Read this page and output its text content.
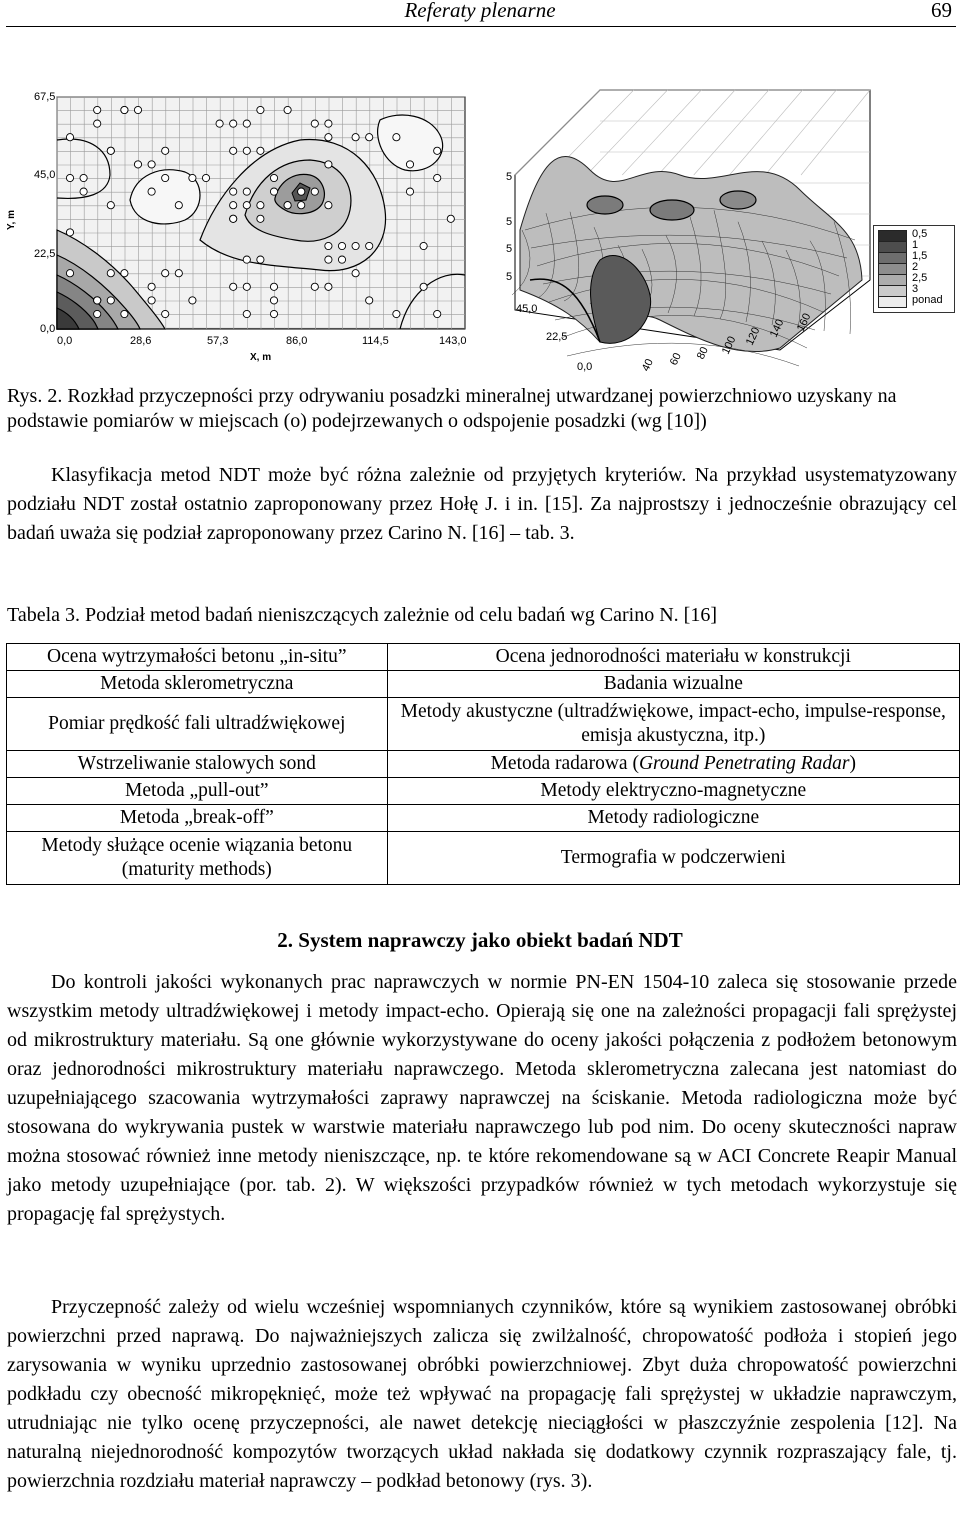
Referaty plenarne	69
67,5
45,0
22,5
0,0
Y, m
0,0	28,6	57,3	86,0	114,5	143,0
X, m
5
5
5
5
45,0
22,5
0,0	40 60 80 100 120 140 160
0,5
1
1,5
2
2,5
3
ponad
Rys. 2. Rozkład przyczepności przy odrywaniu posadzki mineralnej utwardzanej powierzchniowo uzyskany na podstawie pomiarów w miejscach (o) podejrzewanych o odspojenie posadzki (wg [10])
Klasyfikacja metod NDT może być różna zależnie od przyjętych kryteriów. Na przykład usystematyzowany podziału NDT został ostatnio zaproponowany przez Hołę J. i in. [15]. Za najprostszy i jednocześnie obrazujący cel badań uważa się podział zaproponowany przez Carino N. [16] – tab. 3.
Tabela 3. Podział metod badań nieniszczących zależnie od celu badań wg Carino N. [16]
Ocena wytrzymałości betonu „in-situ”	Ocena jednorodności materiału w konstrukcji
Metoda sklerometryczna	Badania wizualne
Pomiar prędkość fali ultradźwiękowej	Metody akustyczne (ultradźwiękowe, impact-echo, impulse-response, emisja akustyczna, itp.)
Wstrzeliwanie stalowych sond	Metoda radarowa (Ground Penetrating Radar)
Metoda „pull-out”	Metody elektryczno-magnetyczne
Metoda „break-off”	Metody radiologiczne
Metody służące ocenie wiązania betonu (maturity methods)	Termografia w podczerwieni
2. System naprawczy jako obiekt badań NDT
Do kontroli jakości wykonanych prac naprawczych w normie PN-EN 1504-10 zaleca się stosowanie przede wszystkim metody ultradźwiękowej i metody impact-echo. Opierają się one na zależności propagacji fali sprężystej od mikrostruktury materiału. Są one głównie wykorzystywane do oceny jakości połączenia z podłożem betonowym oraz jednorodności mikrostruktury materiału naprawczego. Metoda sklerometryczna zalecana jest natomiast do uzupełniającego szacowania wytrzymałości zaprawy naprawczej na ściskanie. Metoda radiologiczna może być stosowana do wykrywania pustek w warstwie materiału naprawczego lub pod nim. Do oceny skuteczności napraw można stosować również inne metody nieniszczące, np. te które rekomendowane są w ACI Concrete Reapir Manual jako metody uzupełniające (por. tab. 2). W większości przypadków również w tych metodach wykorzystuje się propagację fal sprężystych.
Przyczepność zależy od wielu wcześniej wspomnianych czynników, które są wynikiem zastosowanej obróbki powierzchni przed naprawą. Do najważniejszych zalicza się zwilżalność, chropowatość podłoża i stopień jego zarysowania w wyniku uprzednio zastosowanej obróbki powierzchniowej. Zbyt duża chropowatość powierzchni podkładu czy obecność mikropęknięć, może też wpływać na propagację fali sprężystej w układzie naprawczym, utrudniając nie tylko ocenę przyczepności, ale nawet detekcję nieciągłości w płaszczyźnie zespolenia [12]. Na naturalną niejednorodność kompozytów tworzących układ nakłada się dodatkowy czynnik rozpraszający fale, tj. powierzchnia rozdziału materiał naprawczy – podkład betonowy (rys. 3).
